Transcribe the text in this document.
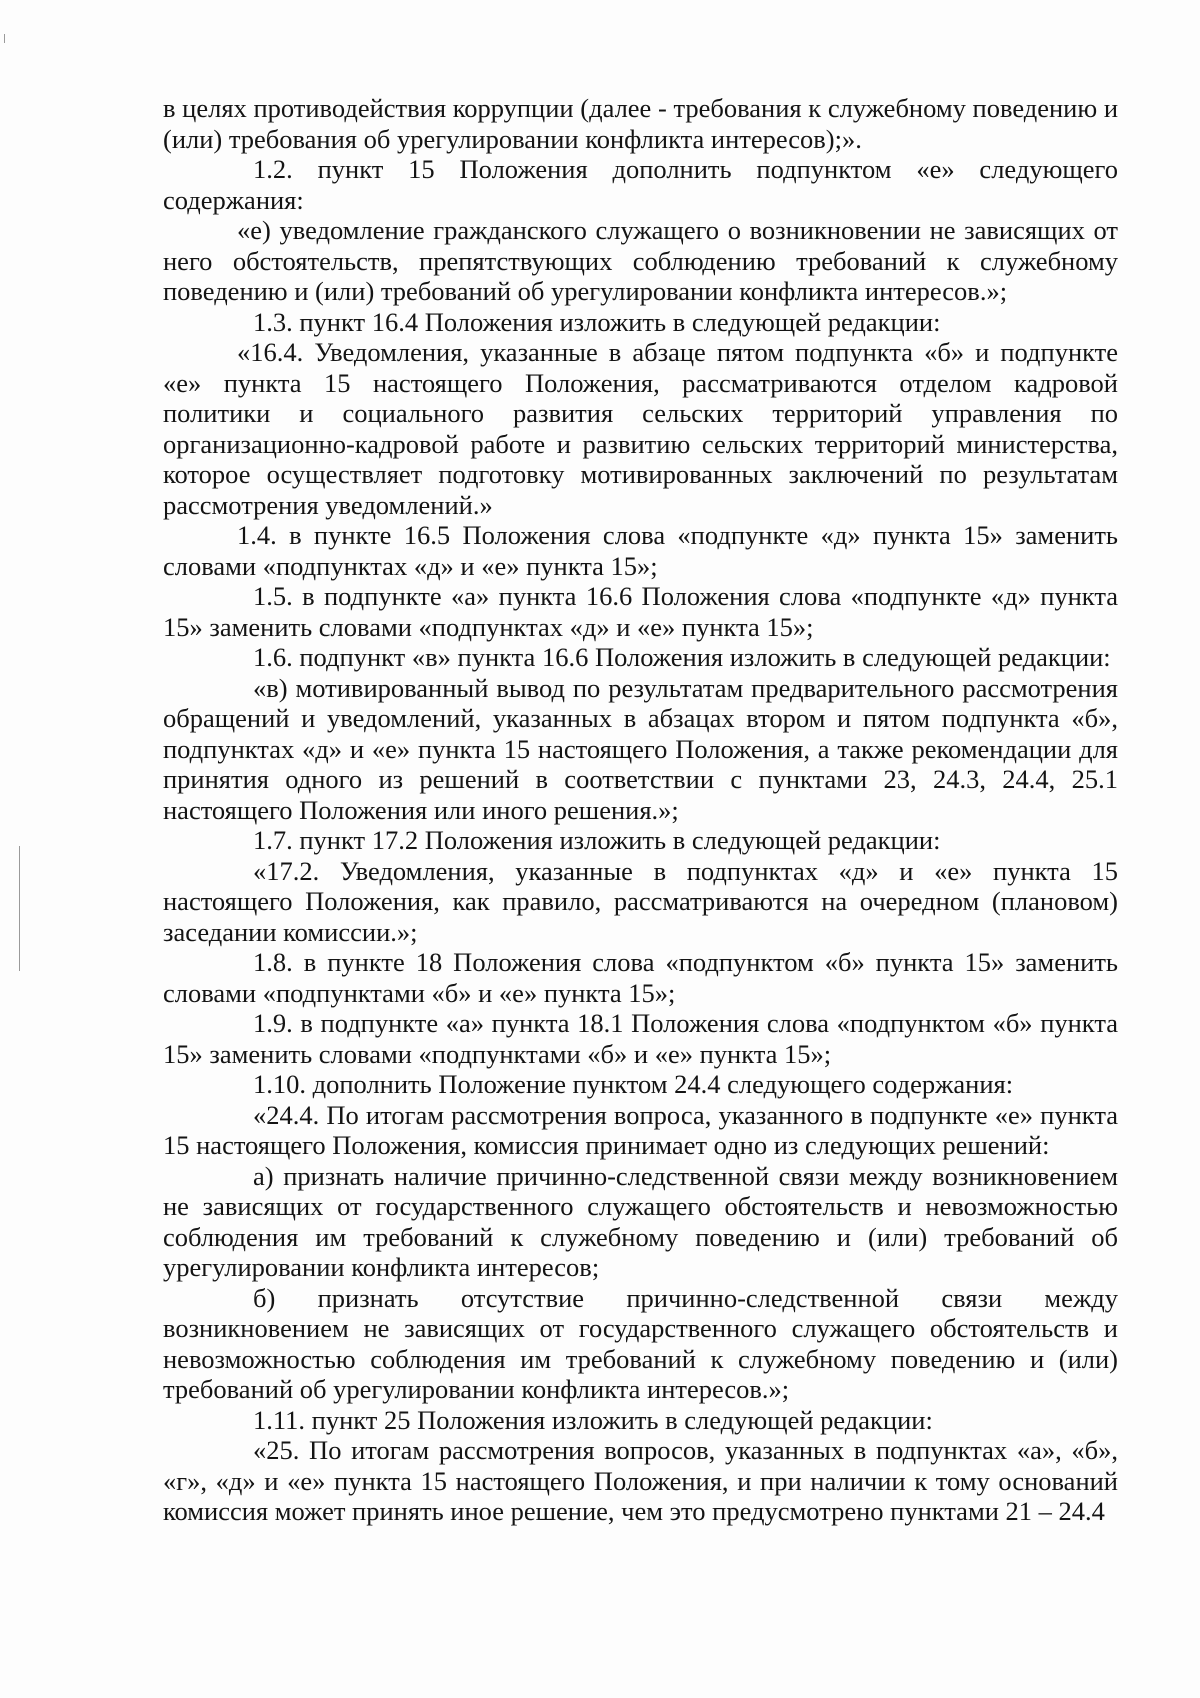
в целях противодействия коррупции (далее - требования к служебному поведению и (или) требования об урегулировании конфликта интересов);».

1.2. пункт 15 Положения дополнить подпунктом «е» следующего содержания:

«е) уведомление гражданского служащего о возникновении не зависящих от него обстоятельств, препятствующих соблюдению требований к служебному поведению и (или) требований об урегулировании конфликта интересов.»;

1.3. пункт 16.4 Положения изложить в следующей редакции:

«16.4. Уведомления, указанные в абзаце пятом подпункта «б» и подпункте «е» пункта 15 настоящего Положения, рассматриваются отделом кадровой политики и социального развития сельских территорий управления по организационно-кадровой работе и развитию сельских территорий министерства, которое осуществляет подготовку мотивированных заключений по результатам рассмотрения уведомлений.»

1.4. в пункте 16.5 Положения слова «подпункте «д» пункта 15» заменить словами «подпунктах «д» и «е» пункта 15»;

1.5. в подпункте «а» пункта 16.6 Положения слова «подпункте «д» пункта 15» заменить словами «подпунктах «д» и «е» пункта 15»;

1.6. подпункт «в» пункта 16.6 Положения изложить в следующей редакции:

«в) мотивированный вывод по результатам предварительного рассмотрения обращений и уведомлений, указанных в абзацах втором и пятом подпункта «б», подпунктах «д» и «е» пункта 15 настоящего Положения, а также рекомендации для принятия одного из решений в соответствии с пунктами 23, 24.3, 24.4, 25.1 настоящего Положения или иного решения.»;

1.7. пункт 17.2 Положения изложить в следующей редакции:

«17.2. Уведомления, указанные в подпунктах «д» и «е» пункта 15 настоящего Положения, как правило, рассматриваются на очередном (плановом) заседании комиссии.»;

1.8. в пункте 18 Положения слова «подпунктом «б» пункта 15» заменить словами «подпунктами «б» и «е» пункта 15»;

1.9. в подпункте «а» пункта 18.1 Положения слова «подпунктом «б» пункта 15» заменить словами «подпунктами «б» и «е» пункта 15»;

1.10. дополнить Положение пунктом 24.4 следующего содержания:

«24.4. По итогам рассмотрения вопроса, указанного в подпункте «е» пункта 15 настоящего Положения, комиссия принимает одно из следующих решений:

а) признать наличие причинно-следственной связи между возникновением не зависящих от государственного служащего обстоятельств и невозможностью соблюдения им требований к служебному поведению и (или) требований об урегулировании конфликта интересов;

б) признать отсутствие причинно-следственной связи между возникновением не зависящих от государственного служащего обстоятельств и невозможностью соблюдения им требований к служебному поведению и (или) требований об урегулировании конфликта интересов.»;

1.11. пункт 25 Положения изложить в следующей редакции:

«25. По итогам рассмотрения вопросов, указанных в подпунктах «а», «б», «г», «д» и «е» пункта 15 настоящего Положения, и при наличии к тому оснований комиссия может принять иное решение, чем это предусмотрено пунктами 21 – 24.4
